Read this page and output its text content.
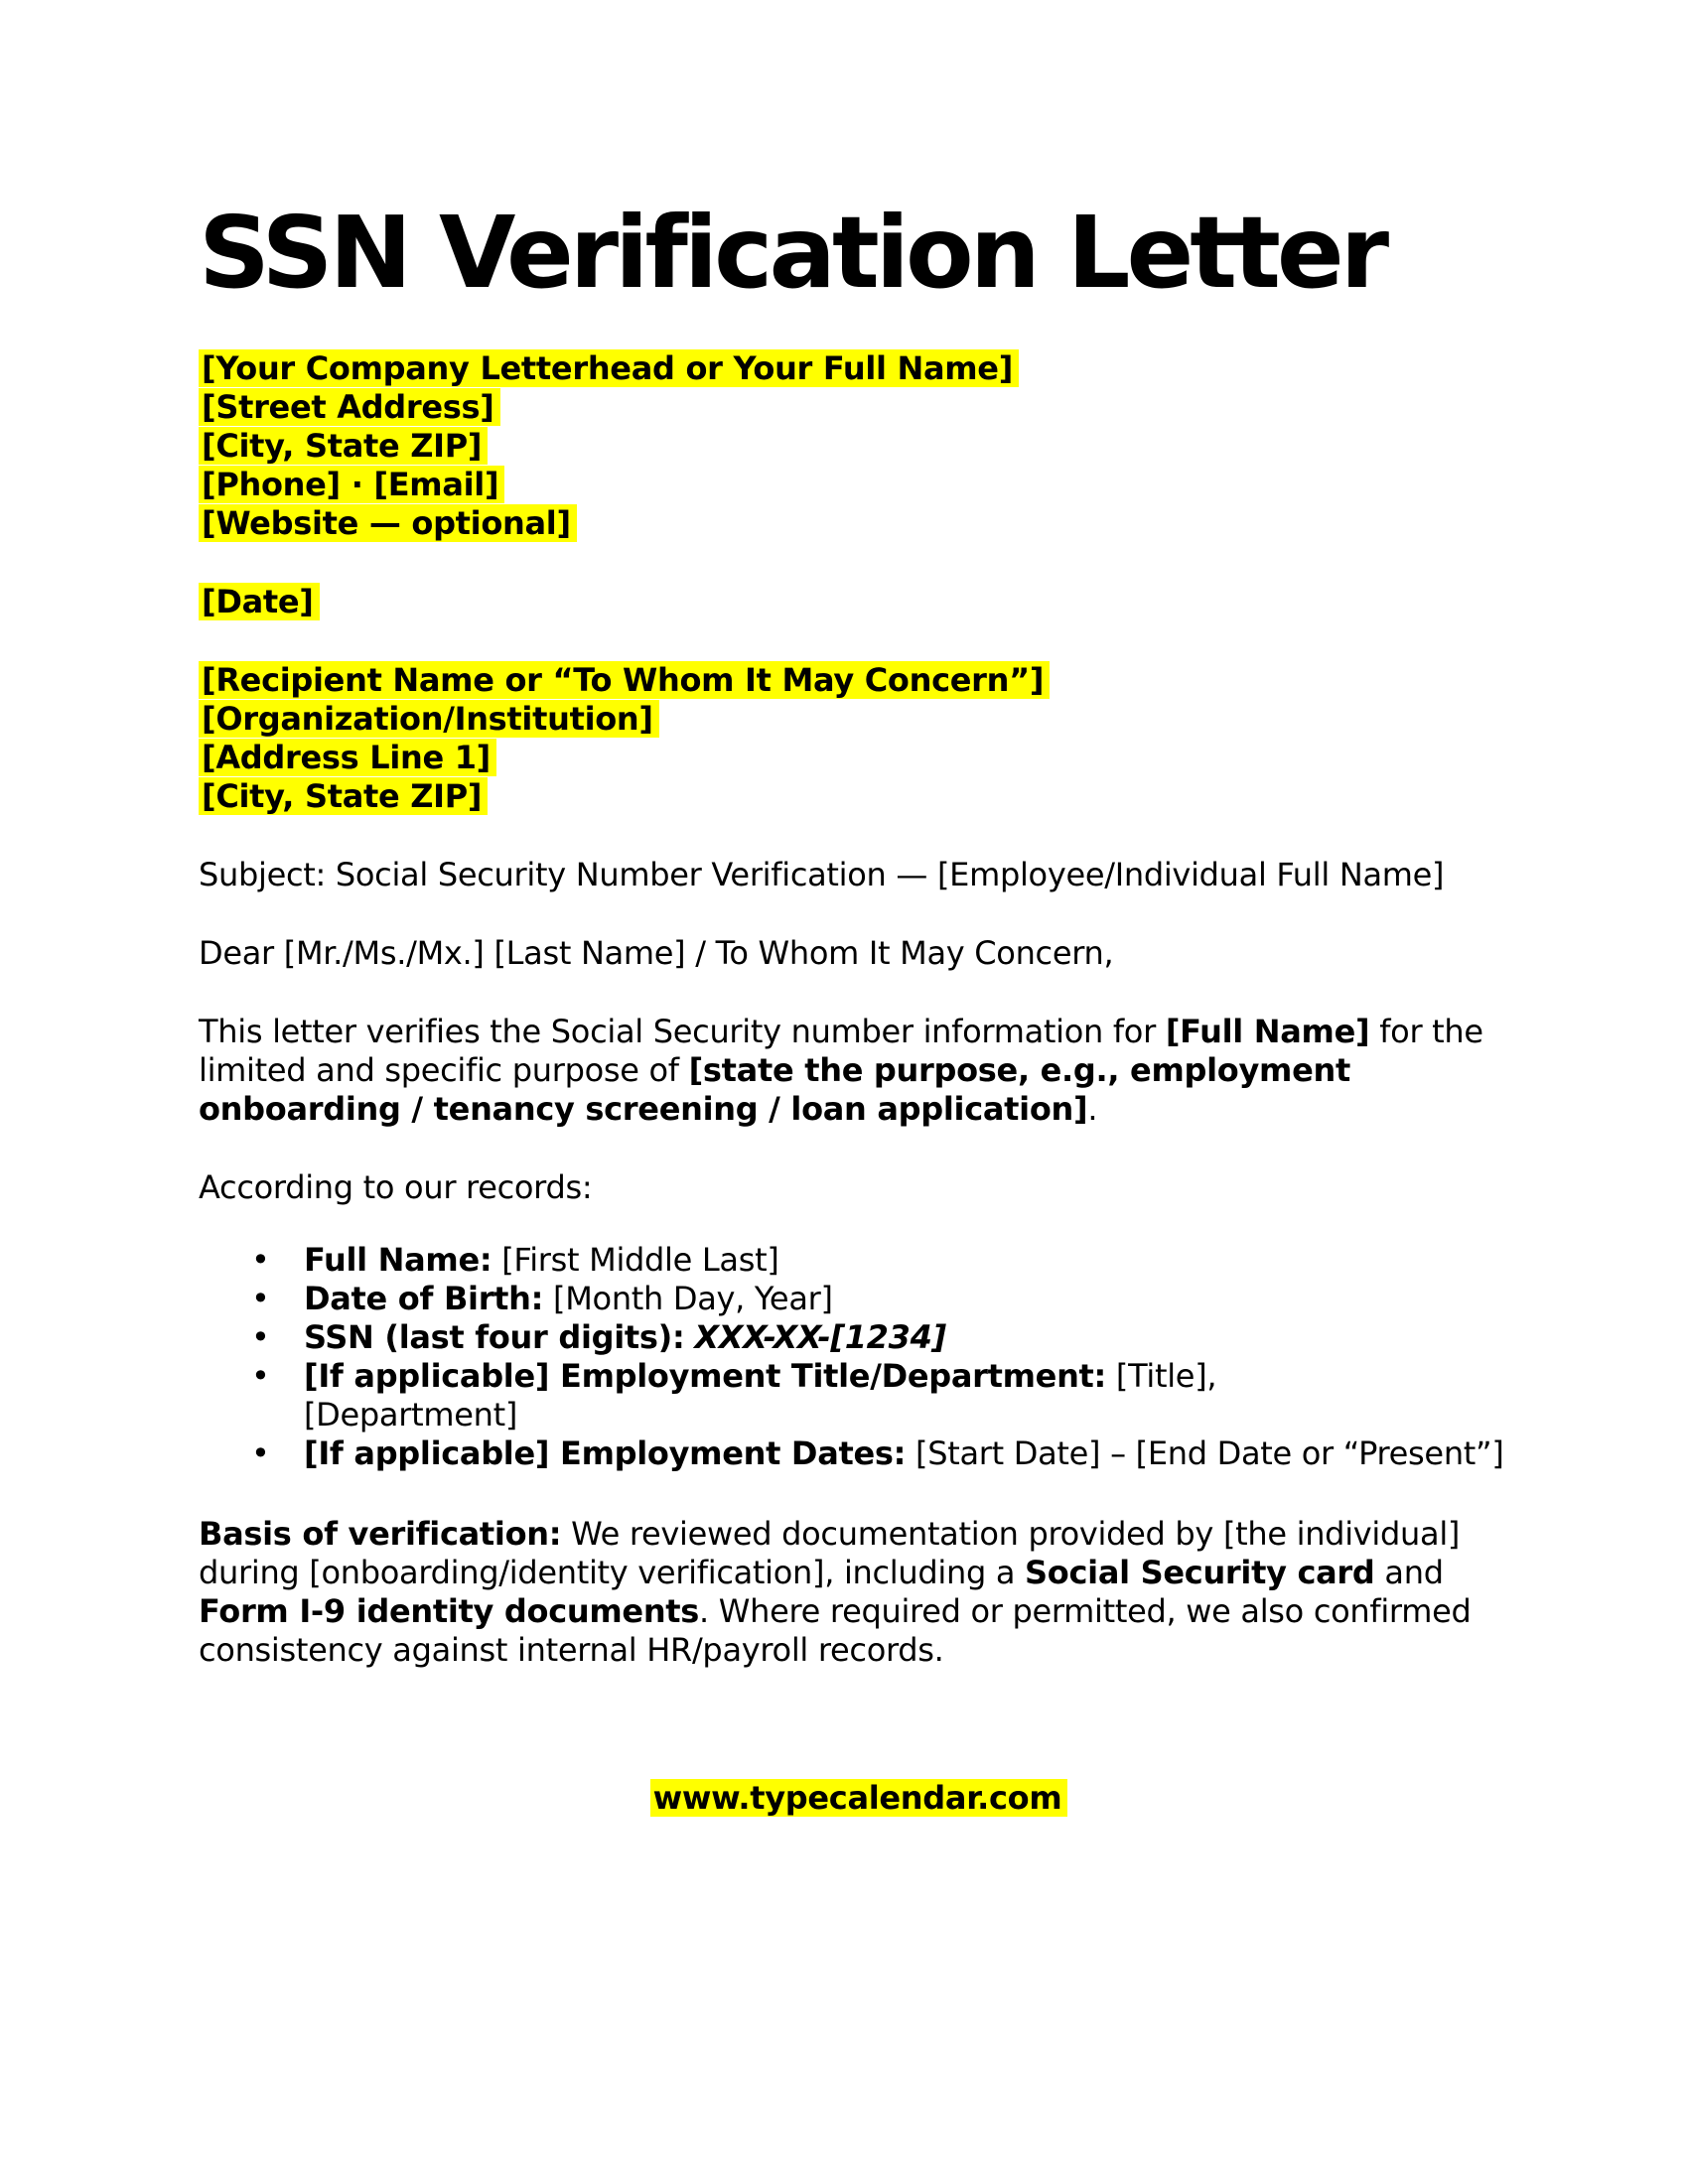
SSN Verification Letter
[Your Company Letterhead or Your Full Name]
[Street Address]
[City, State ZIP]
[Phone] · [Email]
[Website — optional]
[Date]
[Recipient Name or “To Whom It May Concern”]
[Organization/Institution]
[Address Line 1]
[City, State ZIP]

Subject: Social Security Number Verification — [Employee/Individual Full Name]

Dear [Mr./Ms./Mx.] [Last Name] / To Whom It May Concern,

This letter verifies the Social Security number information for [Full Name] for the limited and specific purpose of [state the purpose, e.g., employment onboarding / tenancy screening / loan application].

According to our records:

• Full Name: [First Middle Last]
• Date of Birth: [Month Day, Year]
• SSN (last four digits): XXX-XX-[1234]
• [If applicable] Employment Title/Department: [Title],
[Department]
• [If applicable] Employment Dates: [Start Date] – [End Date or “Present”]

Basis of verification: We reviewed documentation provided by [the individual] during [onboarding/identity verification], including a Social Security card and Form I-9 identity documents. Where required or permitted, we also confirmed consistency against internal HR/payroll records.

www.typecalendar.com
